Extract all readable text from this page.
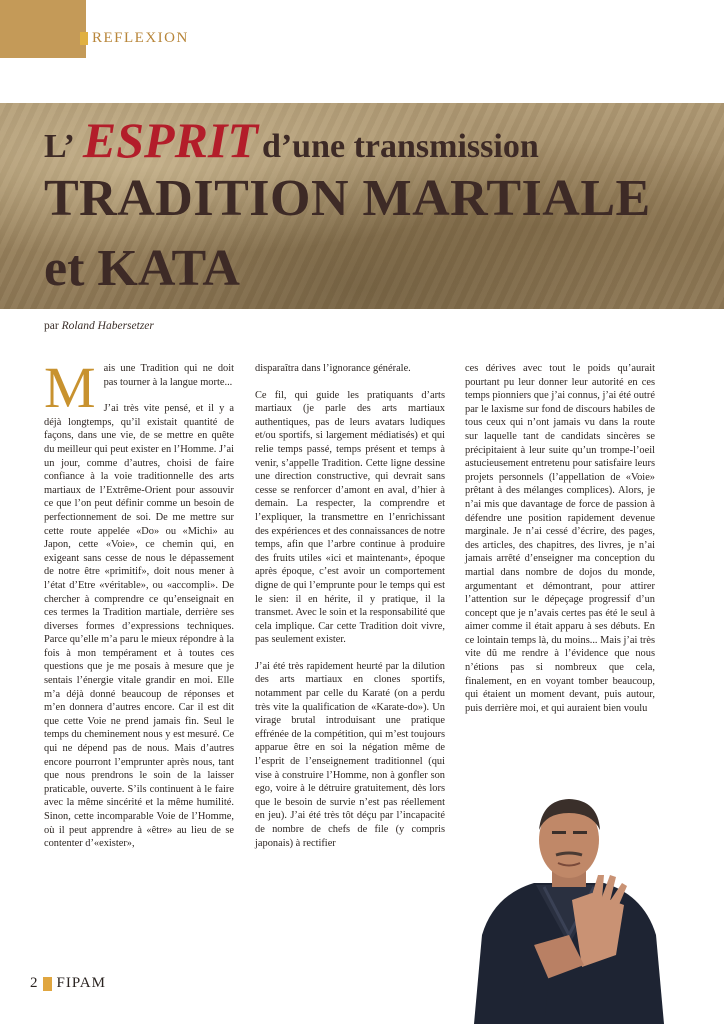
REFLEXION
L’ ESPRIT d’une transmission
TRADITION MARTIALE
et KATA
par Roland Habersetzer

Mais une Tradition qui ne doit pas tourner à la langue morte...

J’ai très vite pensé, et il y a déjà longtemps, qu’il existait quantité de façons, dans une vie, de se mettre en quête du meilleur qui peut exister en l’Homme. J’ai un jour, comme d’autres, choisi de faire confiance à la voie traditionnelle des arts martiaux de l’Extrême-Orient pour assouvir ce que l’on peut définir comme un besoin de perfectionnement de soi. De me mettre sur cette route appelée «Do» ou «Michi» au Japon, cette «Voie», ce chemin qui, en exigeant sans cesse de nous le dépassement de notre être «primitif», doit nous mener à l’état d’Etre «véritable», ou «accompli». De chercher à comprendre ce qu’enseignait en ces termes la Tradition martiale, derrière ses diverses formes d’expressions techniques. Parce qu’elle m’a paru le mieux répondre à la fois à mon tempérament et à toutes ces questions que je me posais à mesure que je sentais l’énergie vitale grandir en moi. Elle m’a déjà donné beaucoup de réponses et m’en donnera d’autres encore. Car il est dit que cette Voie ne prend jamais fin. Seul le temps du cheminement nous y est mesuré. Ce qui ne dépend pas de nous. Mais d’autres encore pourront l’emprunter après nous, tant que nous prendrons le soin de la laisser praticable, ouverte. S’ils continuent à le faire avec la même sincérité et la même humilité. Sinon, cette incomparable Voie de l’Homme, où il peut apprendre à «être» au lieu de se contenter d’«exister»,

disparaîtra dans l’ignorance générale.

Ce fil, qui guide les pratiquants d’arts martiaux (je parle des arts martiaux authentiques, pas de leurs avatars ludiques et/ou sportifs, si largement médiatisés) et qui relie temps passé, temps présent et temps à venir, s’appelle Tradition. Cette ligne dessine une direction constructive, qui devrait sans cesse se renforcer d’amont en aval, d’hier à demain. La respecter, la comprendre et l’expliquer, la transmettre en l’enrichissant des expériences et des connaissances de notre temps, afin que l’arbre continue à produire des fruits utiles «ici et maintenant», époque après époque, c’est avoir un comportement digne de qui l’emprunte pour le temps qui est le sien: il en hérite, il y pratique, il la transmet. Avec le soin et la responsabilité que cela implique. Car cette Tradition doit vivre, pas seulement exister.

J’ai été très rapidement heurté par la dilution des arts martiaux en clones sportifs, notamment par celle du Karaté (on a perdu très vite la qualification de «Karate-do»). Un virage brutal introduisant une pratique effrénée de la compétition, qui m’est toujours apparue être en soi la négation même de l’esprit de l’enseignement traditionnel (qui vise à construire l’Homme, non à gonfler son ego, voire à le détruire gratuitement, dès lors que le besoin de survie n’est pas réellement en jeu). J’ai été très tôt déçu par l’incapacité de nombre de chefs de file (y compris japonais) à rectifier

ces dérives avec tout le poids qu’aurait pourtant pu leur donner leur autorité en ces temps pionniers que j’ai connus, j’ai été outré par le laxisme sur fond de discours habiles de tous ceux qui n’ont jamais vu dans la route sur laquelle tant de candidats sincères se précipitaient à leur suite qu’un trompe-l’oeil astucieusement entretenu pour satisfaire leurs projets personnels (l’appellation de «Voie» prêtant à des mélanges complices). Alors, je n’ai mis que davantage de force de passion à défendre une position rapidement devenue marginale. Je n’ai cessé d’écrire, des pages, des articles, des chapitres, des livres, je n’ai jamais arrêté d’enseigner ma conception du martial dans nombre de dojos du monde, argumentant et démontrant, pour attirer l’attention sur le dépeçage progressif d’un concept que je n’avais certes pas été le seul à aimer comme il était apparu à ses débuts. En ce lointain temps là, du moins... Mais j’ai très vite dû me rendre à l’évidence que nous n’étions pas si nombreux que cela, finalement, en en voyant tomber beaucoup, qui étaient un moment devant, puis autour, puis derrière moi, et qui auraient bien voulu

2 FIPAM
